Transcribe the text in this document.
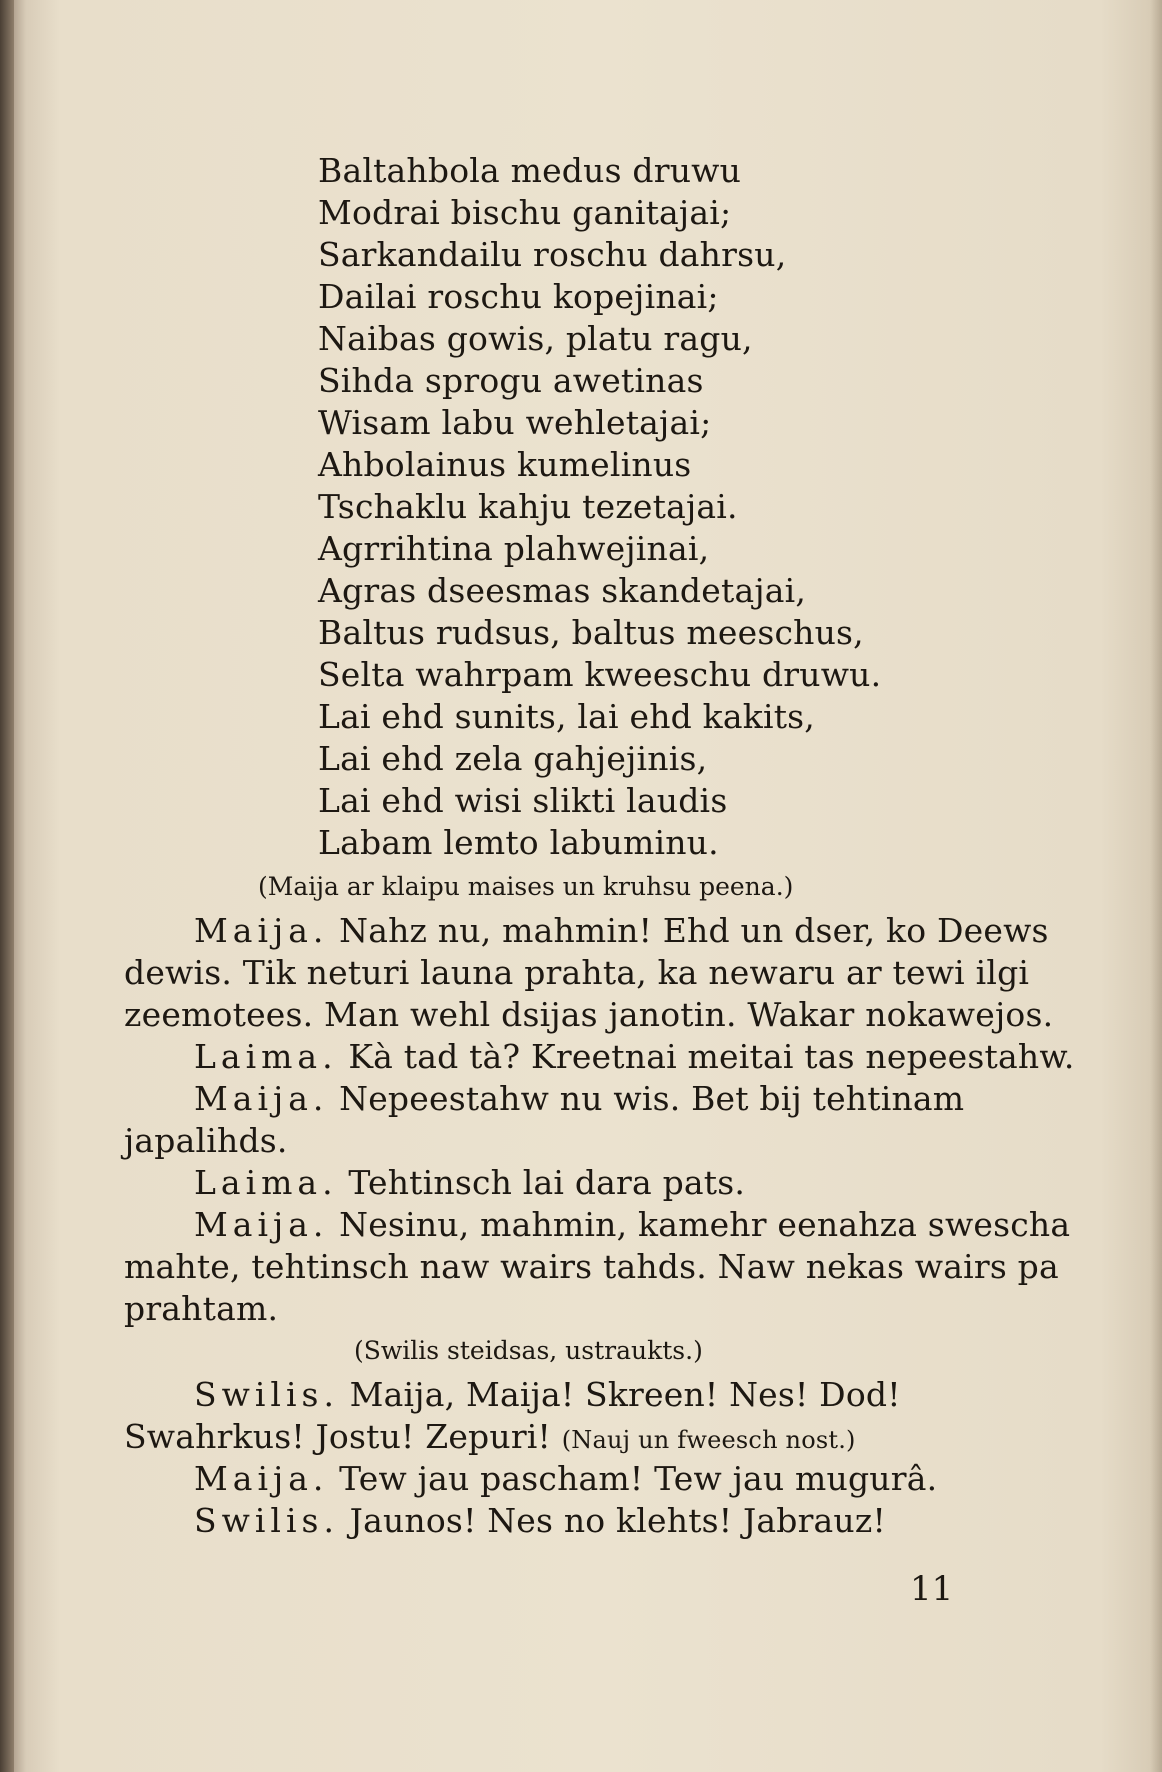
Baltahbola medus druwu
Modrai bischu ganitajai;
Sarkandailu roschu dahrsu,
Dailai roschu kopejinai;
Naibas gowis, platu ragu,
Sihda sprogu awetinas
Wisam labu wehletajai;
Ahbolainus kumelinus
Tschaklu kahju tezetajai.
Agrrihtina plahwejinai,
Agras dseesmas skandetajai,
Baltus rudsus, baltus meeschus,
Selta wahrpam kweeschu druwu.
Lai ehd sunits, lai ehd kakits,
Lai ehd zela gahjejinis,
Lai ehd wisi slikti laudis
Labam lemto labuminu.
(Maija ar klaipu maises un kruhsu peena.)
Maija. Nahz nu, mahmin! Ehd un dser, ko Deews
dewis. Tik neturi launa prahta, ka newaru ar tewi ilgi
zeemotees. Man wehl dsijas janotin. Wakar nokawejos.
Laima. Kà tad tà? Kreetnai meitai tas nepeestahw.
Maija. Nepeestahw nu wis. Bet bij tehtinam
japalihds.
Laima. Tehtinsch lai dara pats.
Maija. Nesinu, mahmin, kamehr eenahza swescha
mahte, tehtinsch naw wairs tahds. Naw nekas wairs pa
prahtam.
(Swilis steidsas, ustraukts.)
Swilis. Maija, Maija! Skreen! Nes! Dod!
Swahrkus! Jostu! Zepuri! (Nauj un fweesch nost.)
Maija. Tew jau pascham! Tew jau mugurâ.
Swilis. Jaunos! Nes no klehts! Jabrauz!
11
